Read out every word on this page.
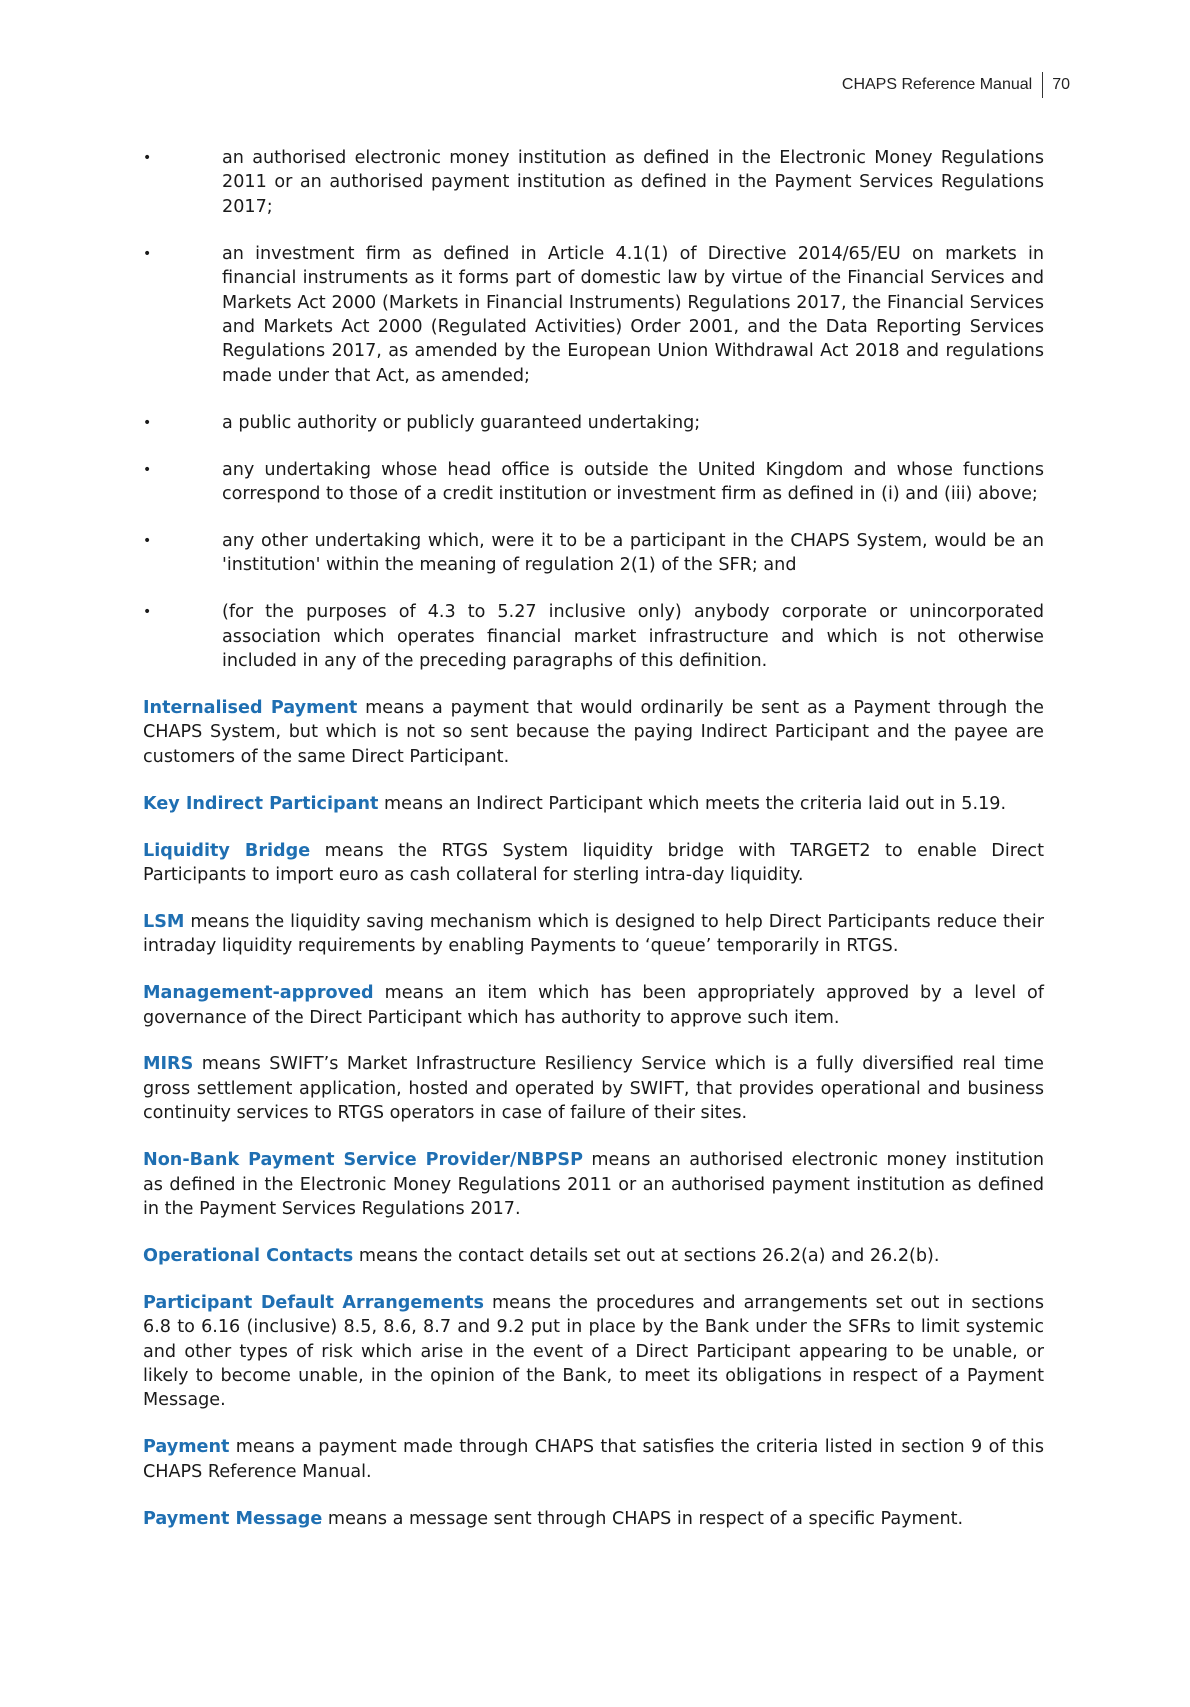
CHAPS Reference Manual 70
•	an authorised electronic money institution as defined in the Electronic Money Regulations 2011 or an authorised payment institution as defined in the Payment Services Regulations 2017;
•	an investment firm as defined in Article 4.1(1) of Directive 2014/65/EU on markets in financial instruments as it forms part of domestic law by virtue of the Financial Services and Markets Act 2000 (Markets in Financial Instruments) Regulations 2017, the Financial Services and Markets Act 2000 (Regulated Activities) Order 2001, and the Data Reporting Services Regulations 2017, as amended by the European Union Withdrawal Act 2018 and regulations made under that Act, as amended;
•	a public authority or publicly guaranteed undertaking;
•	any undertaking whose head office is outside the United Kingdom and whose functions correspond to those of a credit institution or investment firm as defined in (i) and (iii) above;
•	any other undertaking which, were it to be a participant in the CHAPS System, would be an 'institution' within the meaning of regulation 2(1) of the SFR; and
•	(for the purposes of 4.3 to 5.27 inclusive only) anybody corporate or unincorporated association which operates financial market infrastructure and which is not otherwise included in any of the preceding paragraphs of this definition.

Internalised Payment means a payment that would ordinarily be sent as a Payment through the CHAPS System, but which is not so sent because the paying Indirect Participant and the payee are customers of the same Direct Participant.

Key Indirect Participant means an Indirect Participant which meets the criteria laid out in 5.19.

Liquidity Bridge means the RTGS System liquidity bridge with TARGET2 to enable Direct Participants to import euro as cash collateral for sterling intra-day liquidity.

LSM means the liquidity saving mechanism which is designed to help Direct Participants reduce their intraday liquidity requirements by enabling Payments to ‘queue’ temporarily in RTGS.

Management-approved means an item which has been appropriately approved by a level of governance of the Direct Participant which has authority to approve such item.

MIRS means SWIFT’s Market Infrastructure Resiliency Service which is a fully diversified real time gross settlement application, hosted and operated by SWIFT, that provides operational and business continuity services to RTGS operators in case of failure of their sites.

Non-Bank Payment Service Provider/NBPSP means an authorised electronic money institution as defined in the Electronic Money Regulations 2011 or an authorised payment institution as defined in the Payment Services Regulations 2017.

Operational Contacts means the contact details set out at sections 26.2(a) and 26.2(b).

Participant Default Arrangements means the procedures and arrangements set out in sections 6.8 to 6.16 (inclusive) 8.5, 8.6, 8.7 and 9.2 put in place by the Bank under the SFRs to limit systemic and other types of risk which arise in the event of a Direct Participant appearing to be unable, or likely to become unable, in the opinion of the Bank, to meet its obligations in respect of a Payment Message.

Payment means a payment made through CHAPS that satisfies the criteria listed in section 9 of this CHAPS Reference Manual.

Payment Message means a message sent through CHAPS in respect of a specific Payment.
